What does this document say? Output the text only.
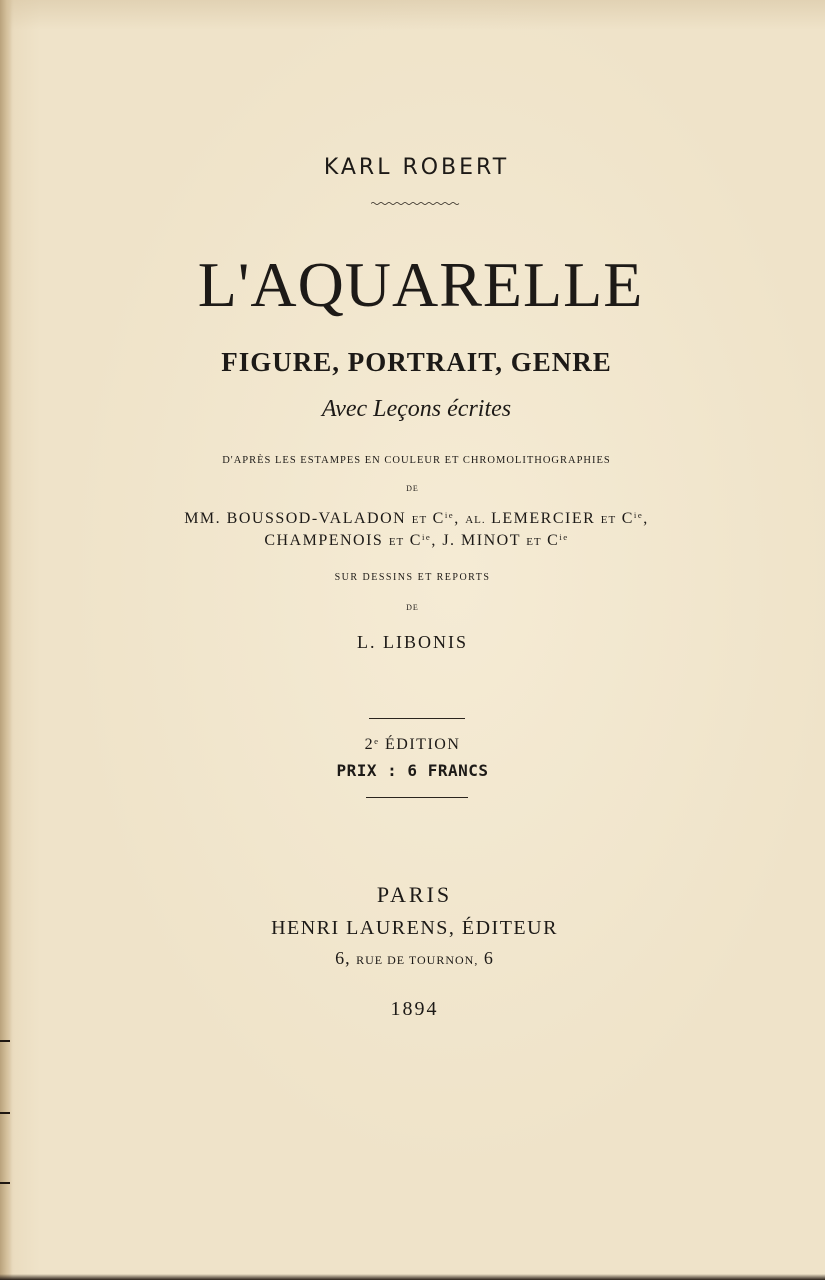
KARL ROBERT
L'AQUARELLE
FIGURE, PORTRAIT, GENRE
Avec Leçons écrites
D'APRÈS LES ESTAMPES EN COULEUR ET CHROMOLITHOGRAPHIES
DE
MM. BOUSSOD-VALADON ET $C^{ie}$, AL. LEMERCIER ET $C^{ie}$,
CHAMPENOIS ET $C^{ie}$, J. MINOT ET $C^{ie}$
SUR DESSINS ET REPORTS
DE
L. LIBONIS
2e ÉDITION
PRIX : 6 FRANCS
PARIS
HENRI LAURENS, ÉDITEUR
6, RUE DE TOURNON, 6
1894
